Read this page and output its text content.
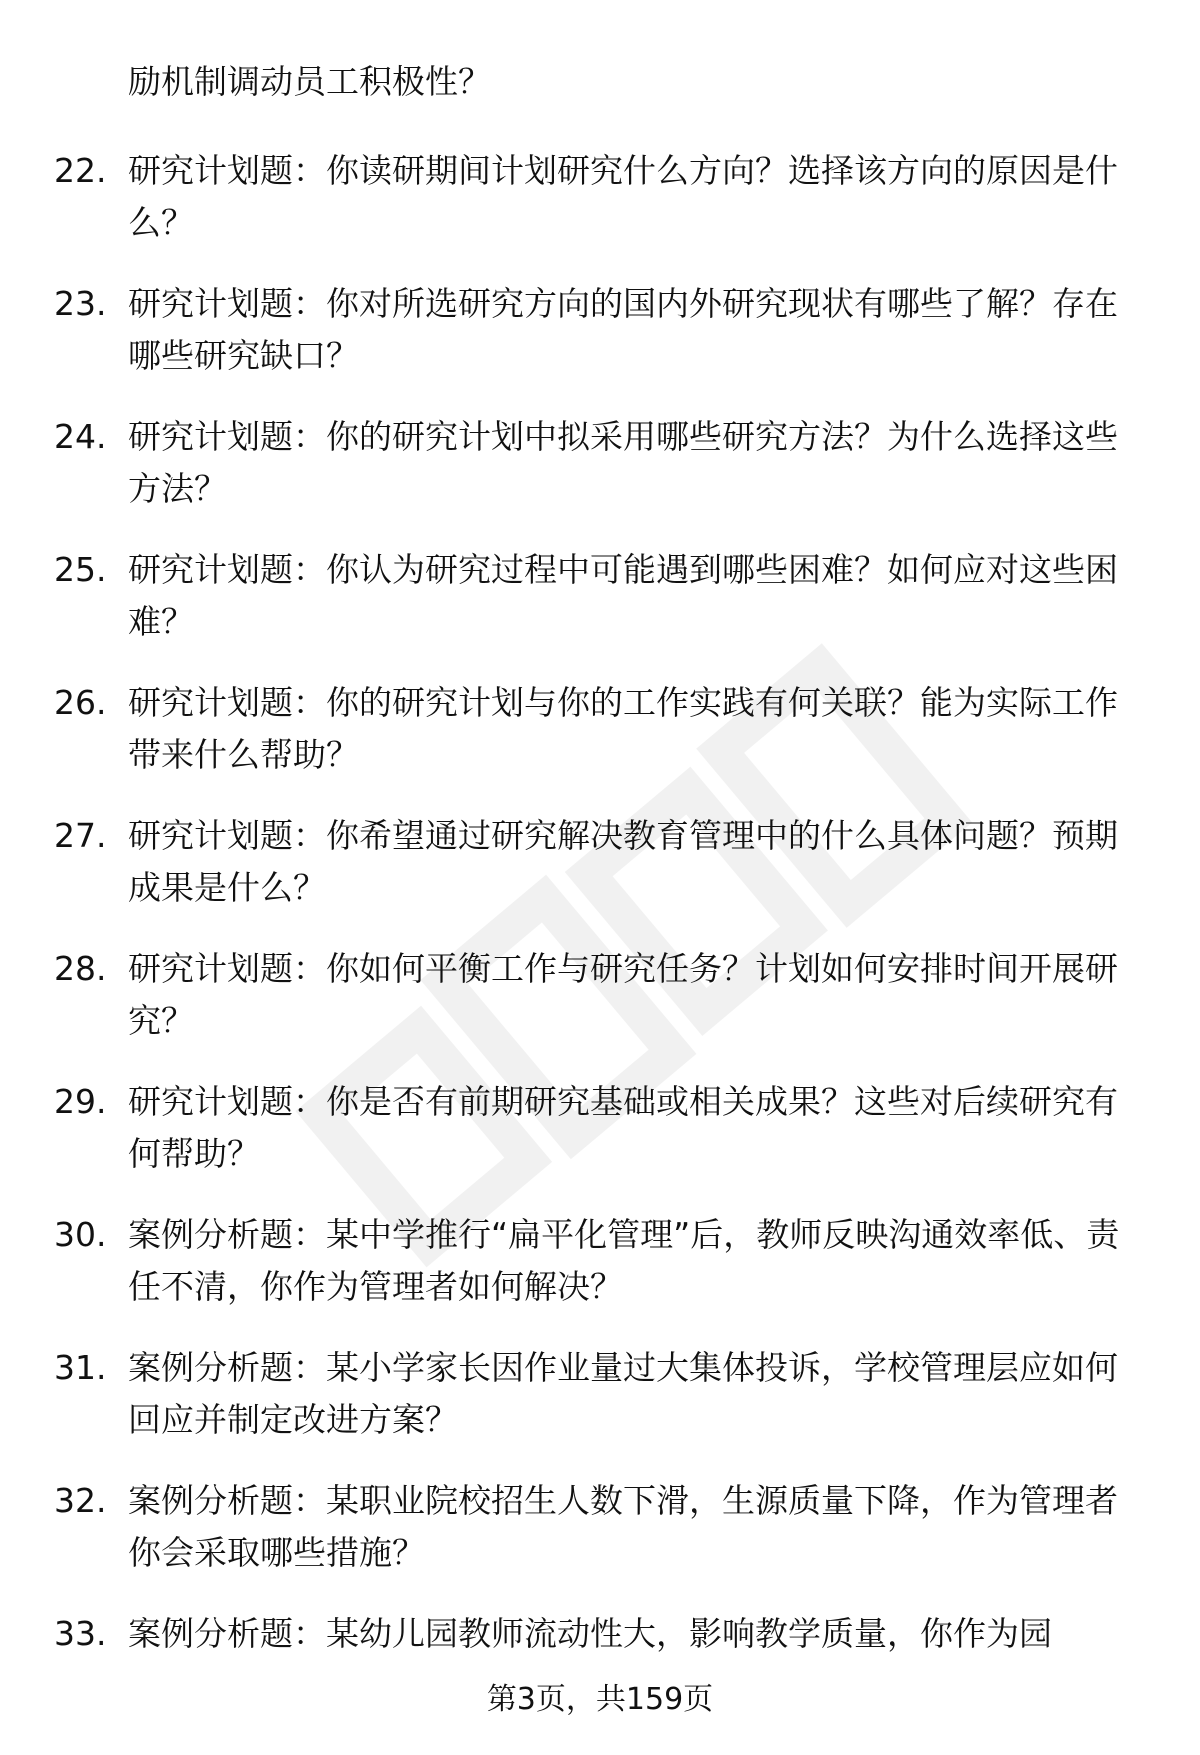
励机制调动员工积极性？
22. 研究计划题：你读研期间计划研究什么方向？选择该方向的原因是什么？
23. 研究计划题：你对所选研究方向的国内外研究现状有哪些了解？存在哪些研究缺口？
24. 研究计划题：你的研究计划中拟采用哪些研究方法？为什么选择这些方法？
25. 研究计划题：你认为研究过程中可能遇到哪些困难？如何应对这些困难？
26. 研究计划题：你的研究计划与你的工作实践有何关联？能为实际工作带来什么帮助？
27. 研究计划题：你希望通过研究解决教育管理中的什么具体问题？预期成果是什么？
28. 研究计划题：你如何平衡工作与研究任务？计划如何安排时间开展研究？
29. 研究计划题：你是否有前期研究基础或相关成果？这些对后续研究有何帮助？
30. 案例分析题：某中学推行“扁平化管理”后，教师反映沟通效率低、责任不清，你作为管理者如何解决？
31. 案例分析题：某小学家长因作业量过大集体投诉，学校管理层应如何回应并制定改进方案？
32. 案例分析题：某职业院校招生人数下滑，生源质量下降，作为管理者你会采取哪些措施？
33. 案例分析题：某幼儿园教师流动性大，影响教学质量，你作为园
第3页，共159页
